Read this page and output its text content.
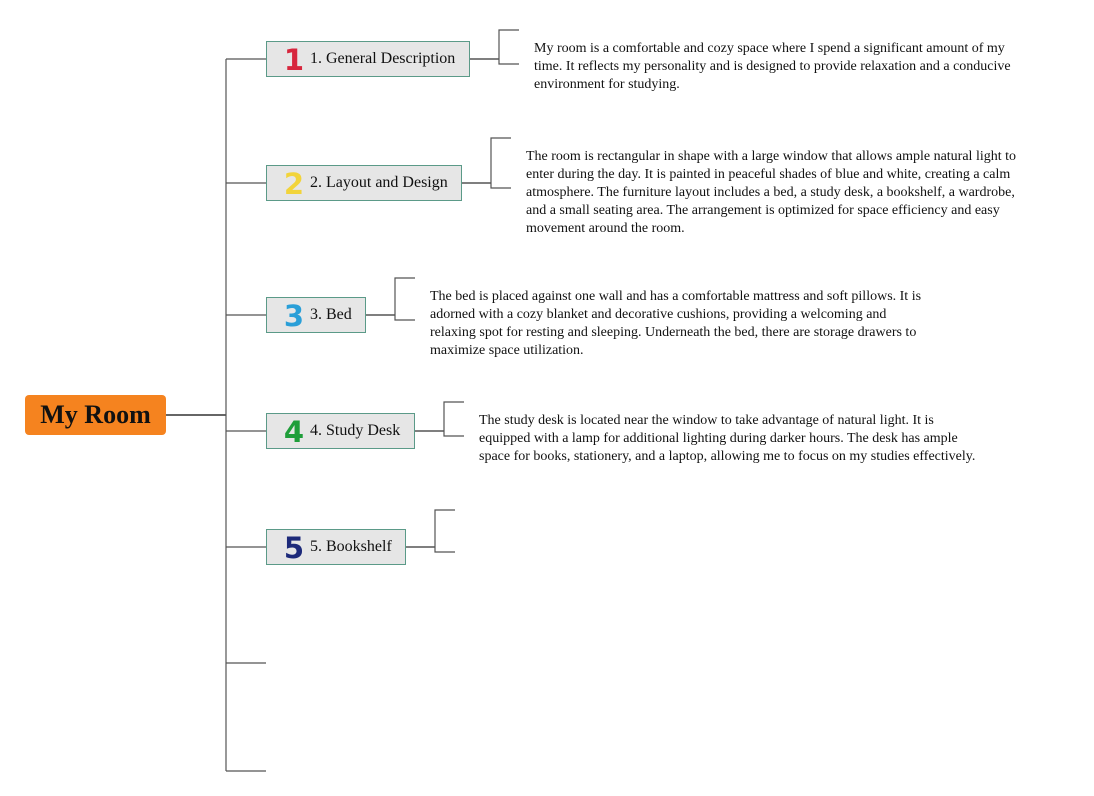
My Room
1 1. General Description
My room is a comfortable and cozy space where I spend a significant amount of my time. It reflects my personality and is designed to provide relaxation and a conducive environment for studying.
2 2. Layout and Design
The room is rectangular in shape with a large window that allows ample natural light to enter during the day. It is painted in peaceful shades of blue and white, creating a calm atmosphere. The furniture layout includes a bed, a study desk, a bookshelf, a wardrobe, and a small seating area. The arrangement is optimized for space efficiency and easy movement around the room.
3 3. Bed
The bed is placed against one wall and has a comfortable mattress and soft pillows. It is adorned with a cozy blanket and decorative cushions, providing a welcoming and relaxing spot for resting and sleeping. Underneath the bed, there are storage drawers to maximize space utilization.
4 4. Study Desk
The study desk is located near the window to take advantage of natural light. It is equipped with a lamp for additional lighting during darker hours. The desk has ample space for books, stationery, and a laptop, allowing me to focus on my studies effectively.
5 5. Bookshelf
